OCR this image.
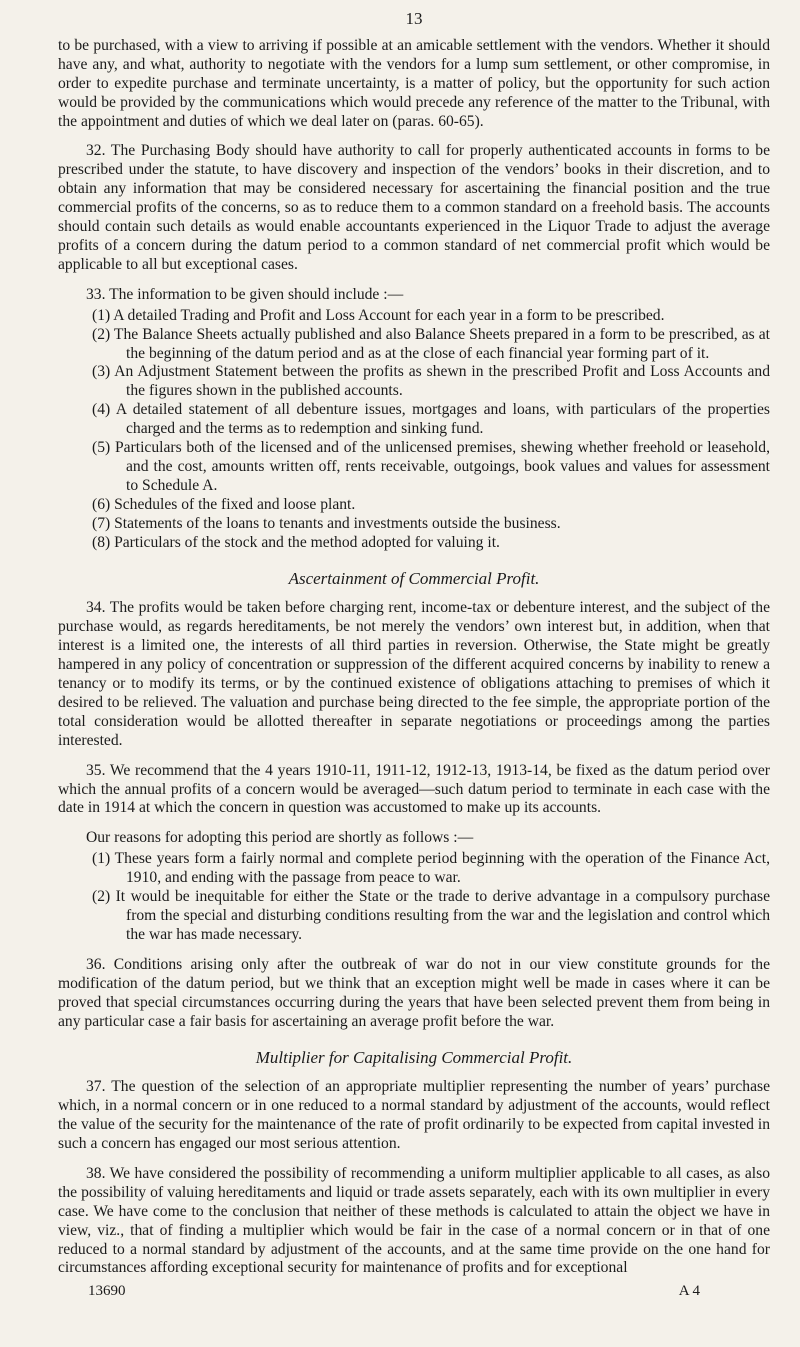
13

to be purchased, with a view to arriving if possible at an amicable settlement with the vendors. Whether it should have any, and what, authority to negotiate with the vendors for a lump sum settlement, or other compromise, in order to expedite purchase and terminate uncertainty, is a matter of policy, but the opportunity for such action would be provided by the communications which would precede any reference of the matter to the Tribunal, with the appointment and duties of which we deal later on (paras. 60-65).

32. The Purchasing Body should have authority to call for properly authenticated accounts in forms to be prescribed under the statute, to have discovery and inspection of the vendors’ books in their discretion, and to obtain any information that may be considered necessary for ascertaining the financial position and the true commercial profits of the concerns, so as to reduce them to a common standard on a freehold basis. The accounts should contain such details as would enable accountants experienced in the Liquor Trade to adjust the average profits of a concern during the datum period to a common standard of net commercial profit which would be applicable to all but exceptional cases.

33. The information to be given should include :—

(1) A detailed Trading and Profit and Loss Account for each year in a form to be prescribed.
(2) The Balance Sheets actually published and also Balance Sheets prepared in a form to be prescribed, as at the beginning of the datum period and as at the close of each financial year forming part of it.
(3) An Adjustment Statement between the profits as shewn in the prescribed Profit and Loss Accounts and the figures shown in the published accounts.
(4) A detailed statement of all debenture issues, mortgages and loans, with particulars of the properties charged and the terms as to redemption and sinking fund.
(5) Particulars both of the licensed and of the unlicensed premises, shewing whether freehold or leasehold, and the cost, amounts written off, rents receivable, outgoings, book values and values for assessment to Schedule A.
(6) Schedules of the fixed and loose plant.
(7) Statements of the loans to tenants and investments outside the business.
(8) Particulars of the stock and the method adopted for valuing it.
Ascertainment of Commercial Profit.

34. The profits would be taken before charging rent, income-tax or debenture interest, and the subject of the purchase would, as regards hereditaments, be not merely the vendors’ own interest but, in addition, when that interest is a limited one, the interests of all third parties in reversion. Otherwise, the State might be greatly hampered in any policy of concentration or suppression of the different acquired concerns by inability to renew a tenancy or to modify its terms, or by the continued existence of obligations attaching to premises of which it desired to be relieved. The valuation and purchase being directed to the fee simple, the appropriate portion of the total consideration would be allotted thereafter in separate negotiations or proceedings among the parties interested.

35. We recommend that the 4 years 1910-11, 1911-12, 1912-13, 1913-14, be fixed as the datum period over which the annual profits of a concern would be averaged—such datum period to terminate in each case with the date in 1914 at which the concern in question was accustomed to make up its accounts.

Our reasons for adopting this period are shortly as follows :—

(1) These years form a fairly normal and complete period beginning with the operation of the Finance Act, 1910, and ending with the passage from peace to war.
(2) It would be inequitable for either the State or the trade to derive advantage in a compulsory purchase from the special and disturbing conditions resulting from the war and the legislation and control which the war has made necessary.

36. Conditions arising only after the outbreak of war do not in our view constitute grounds for the modification of the datum period, but we think that an exception might well be made in cases where it can be proved that special circumstances occurring during the years that have been selected prevent them from being in any particular case a fair basis for ascertaining an average profit before the war.

Multiplier for Capitalising Commercial Profit.

37. The question of the selection of an appropriate multiplier representing the number of years’ purchase which, in a normal concern or in one reduced to a normal standard by adjustment of the accounts, would reflect the value of the security for the maintenance of the rate of profit ordinarily to be expected from capital invested in such a concern has engaged our most serious attention.

38. We have considered the possibility of recommending a uniform multiplier applicable to all cases, as also the possibility of valuing hereditaments and liquid or trade assets separately, each with its own multiplier in every case. We have come to the conclusion that neither of these methods is calculated to attain the object we have in view, viz., that of finding a multiplier which would be fair in the case of a normal concern or in that of one reduced to a normal standard by adjustment of the accounts, and at the same time provide on the one hand for circumstances affording exceptional security for maintenance of profits and for exceptional

13690	A 4
